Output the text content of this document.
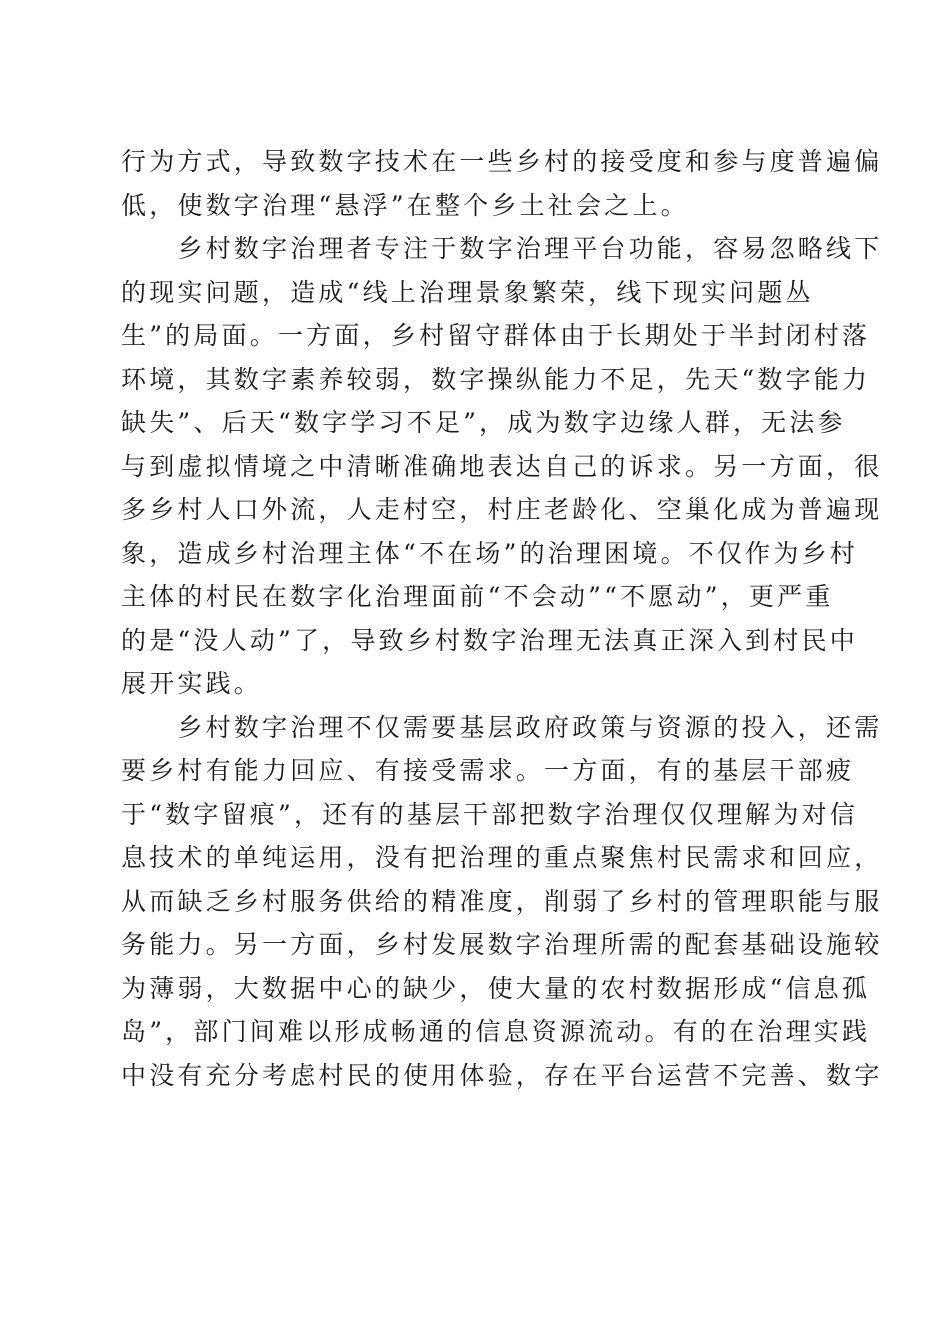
行为方式，导致数字技术在一些乡村的接受度和参与度普遍偏
低，使数字治理“悬浮”在整个乡土社会之上。

　　乡村数字治理者专注于数字治理平台功能，容易忽略线下
的现实问题，造成“线上治理景象繁荣，线下现实问题丛
生”的局面。一方面，乡村留守群体由于长期处于半封闭村落
环境，其数字素养较弱，数字操纵能力不足，先天“数字能力
缺失”、后天“数字学习不足”，成为数字边缘人群，无法参
与到虚拟情境之中清晰准确地表达自己的诉求。另一方面，很
多乡村人口外流，人走村空，村庄老龄化、空巢化成为普遍现
象，造成乡村治理主体“不在场”的治理困境。不仅作为乡村
主体的村民在数字化治理面前“不会动”“不愿动”，更严重
的是“没人动”了，导致乡村数字治理无法真正深入到村民中
展开实践。

　　乡村数字治理不仅需要基层政府政策与资源的投入，还需
要乡村有能力回应、有接受需求。一方面，有的基层干部疲
于“数字留痕”，还有的基层干部把数字治理仅仅理解为对信
息技术的单纯运用，没有把治理的重点聚焦村民需求和回应，
从而缺乏乡村服务供给的精准度，削弱了乡村的管理职能与服
务能力。另一方面，乡村发展数字治理所需的配套基础设施较
为薄弱，大数据中心的缺少，使大量的农村数据形成“信息孤
岛”，部门间难以形成畅通的信息资源流动。有的在治理实践
中没有充分考虑村民的使用体验，存在平台运营不完善、数字
